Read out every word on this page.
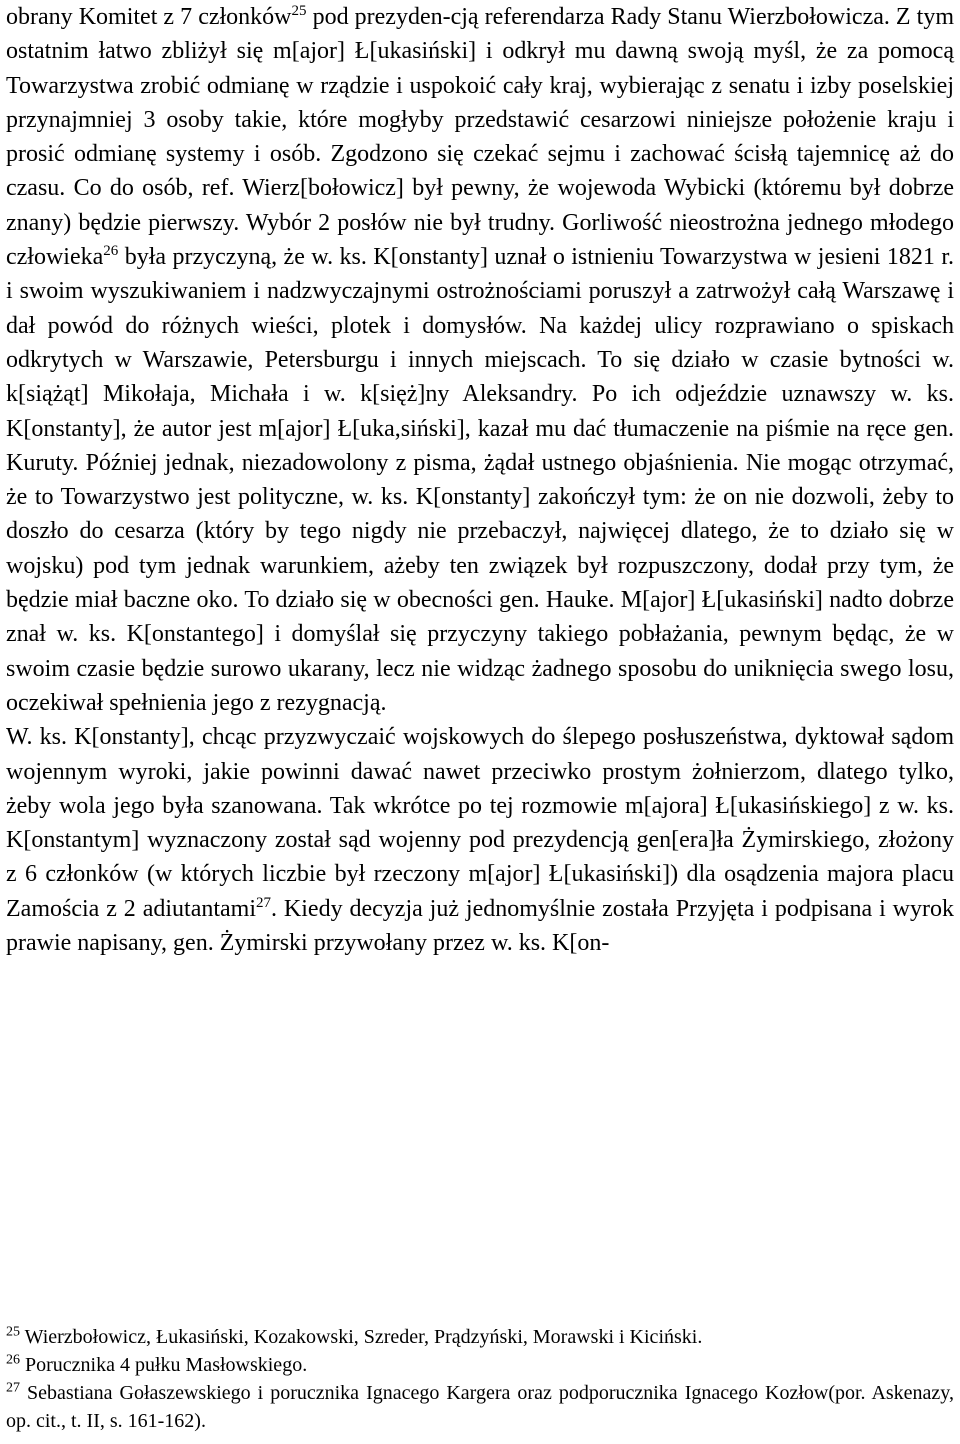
obrany Komitet z 7 członków$^{25}$ pod prezyden-cją referendarza Rady Stanu Wierzbołowicza. Z tym ostatnim łatwo zbliżył się m[ajor] Ł[ukasiński] i odkrył mu dawną swoją myśl, że za pomocą Towarzystwa zrobić odmianę w rządzie i uspokoić cały kraj, wybierając z senatu i izby poselskiej przynajmniej 3 osoby takie, które mogłyby przedstawić cesarzowi niniejsze położenie kraju i prosić odmianę systemy i osób. Zgodzono się czekać sejmu i zachować ścisłą tajemnicę aż do czasu. Co do osób, ref. Wierz[bołowicz] był pewny, że wojewoda Wybicki (któremu był dobrze znany) będzie pierwszy. Wybór 2 posłów nie był trudny. Gorliwość nieostrożna jednego młodego człowieka$^{26}$ była przyczyną, że w. ks. K[onstanty] uznał o istnieniu Towarzystwa w jesieni 1821 r. i swoim wyszukiwaniem i nadzwyczajnymi ostrożnościami poruszył a zatrwożył całą Warszawę i dał powód do różnych wieści, plotek i domysłów. Na każdej ulicy rozprawiano o spiskach odkrytych w Warszawie, Petersburgu i innych miejscach. To się działo w czasie bytności w. k[siążąt] Mikołaja, Michała i w. k[sięż]ny Aleksandry. Po ich odjeździe uznawszy w. ks. K[onstanty], że autor jest m[ajor] Ł[uka,siński], kazał mu dać tłumaczenie na piśmie na ręce gen. Kuruty. Później jednak, niezadowolony z pisma, żądał ustnego objaśnienia. Nie mogąc otrzymać, że to Towarzystwo jest polityczne, w. ks. K[onstanty] zakończył tym: że on nie dozwoli, żeby to doszło do cesarza (który by tego nigdy nie przebaczył, najwięcej dlatego, że to działo się w wojsku) pod tym jednak warunkiem, ażeby ten związek był rozpuszczony, dodał przy tym, że będzie miał baczne oko. To działo się w obecności gen. Hauke. M[ajor] Ł[ukasiński] nadto dobrze znał w. ks. K[onstantego] i domyślał się przyczyny takiego pobłażania, pewnym będąc, że w swoim czasie będzie surowo ukarany, lecz nie widząc żadnego sposobu do uniknięcia swego losu, oczekiwał spełnienia jego z rezygnacją.

W. ks. K[onstanty], chcąc przyzwyczaić wojskowych do ślepego posłuszeństwa, dyktował sądom wojennym wyroki, jakie powinni dawać nawet przeciwko prostym żołnierzom, dlatego tylko, żeby wola jego była szanowana. Tak wkrótce po tej rozmowie m[ajora] Ł[ukasińskiego] z w. ks. K[onstantym] wyznaczony został sąd wojenny pod prezydencją gen[era]ła Żymirskiego, złożony z 6 członków (w których liczbie był rzeczony m[ajor] Ł[ukasiński]) dla osądzenia majora placu Zamościa z 2 adiutantami$^{27}$. Kiedy decyzja już jednomyślnie została Przyjęta i podpisana i wyrok prawie napisany, gen. Żymirski przywołany przez w. ks. K[on-

$^{25}$ Wierzbołowicz, Łukasiński, Kozakowski, Szreder, Prądzyński, Morawski i Kiciński.

$^{26}$ Porucznika 4 pułku Masłowskiego.

$^{27}$ Sebastiana Gołaszewskiego i porucznika Ignacego Kargera oraz podporucznika Ignacego Kozłow(por. Askenazy, op. cit., t. II, s. 161-162).
